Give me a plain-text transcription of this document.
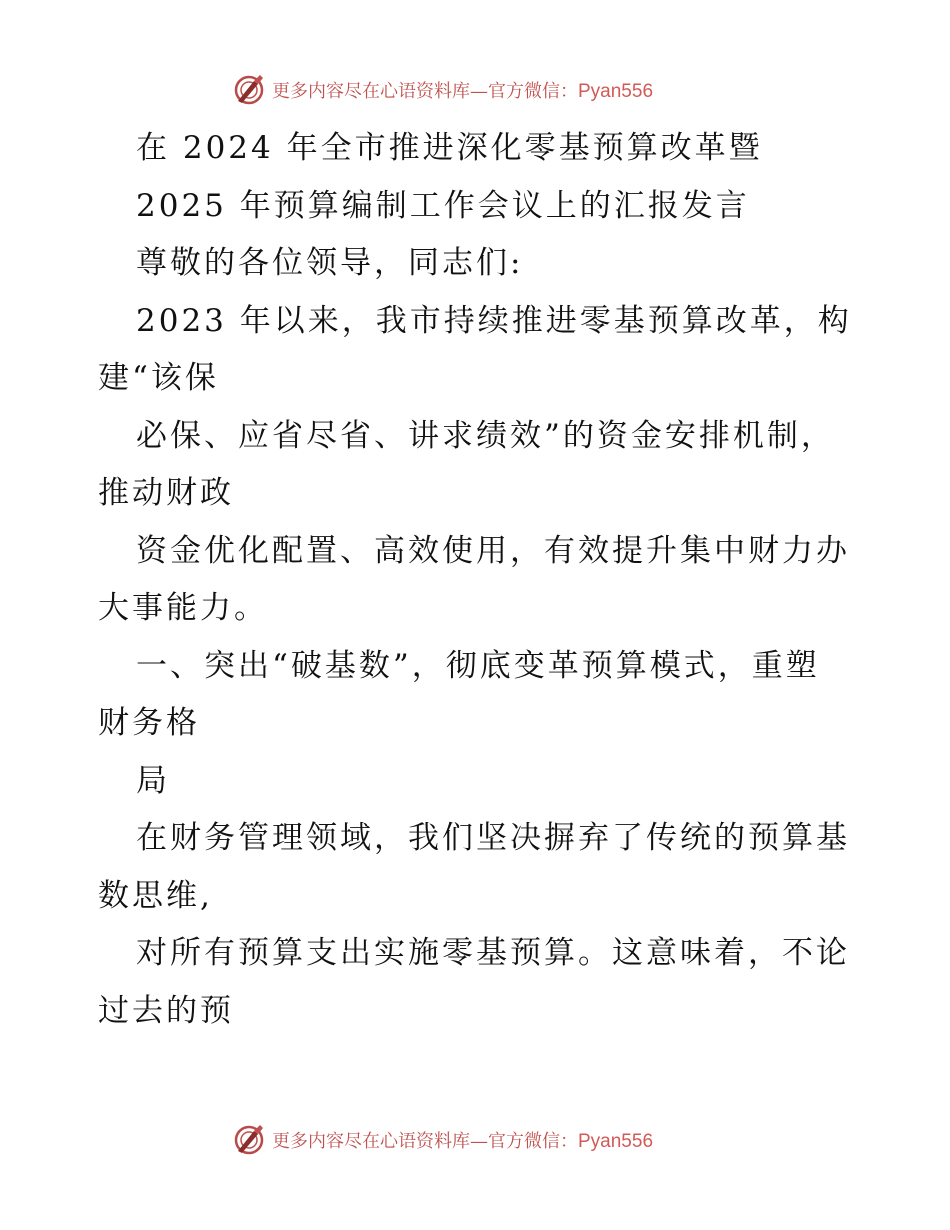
更多内容尽在心语资料库—官方微信：Pyan556
在 2024 年全市推进深化零基预算改革暨
2025 年预算编制工作会议上的汇报发言
尊敬的各位领导，同志们:
2023 年以来，我市持续推进零基预算改革，构
建“该保
必保、应省尽省、讲求绩效”的资金安排机制，
推动财政
资金优化配置、高效使用，有效提升集中财力办
大事能力。
一、突出“破基数”，彻底变革预算模式，重塑
财务格
局
在财务管理领域，我们坚决摒弃了传统的预算基
数思维,
对所有预算支出实施零基预算。这意味着，不论
过去的预
更多内容尽在心语资料库—官方微信：Pyan556
